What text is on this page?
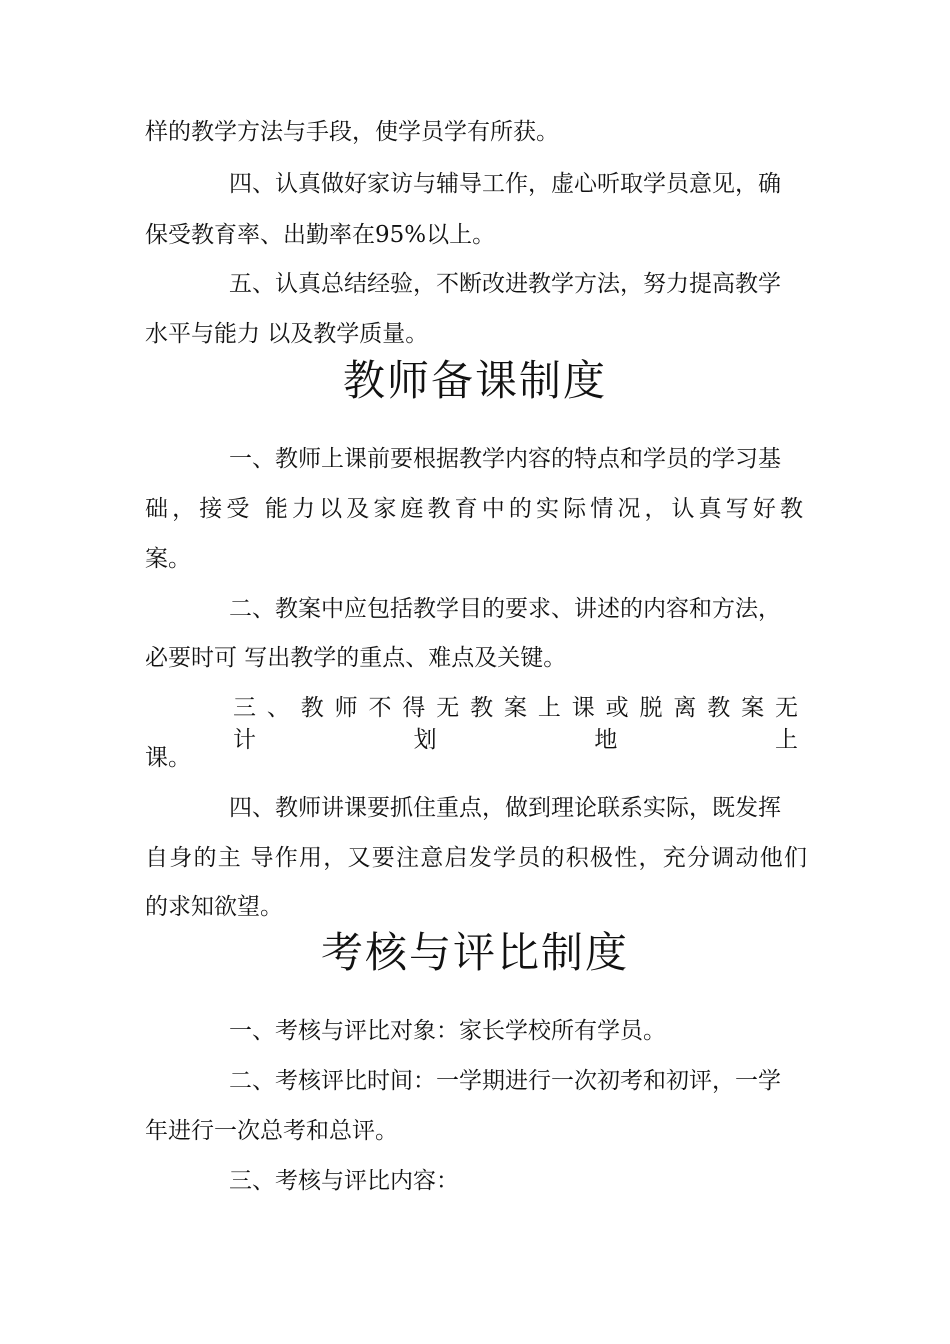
样的教学方法与手段，使学员学有所获。
四、认真做好家访与辅导工作，虚心听取学员意见，确
保受教育率、出勤率在95%以上。
五、认真总结经验，不断改进教学方法，努力提高教学
水平与能力 以及教学质量。
教师备课制度
一、教师上课前要根据教学内容的特点和学员的学习基
础，接受 能力以及家庭教育中的实际情况，认真写好教
案。
二、教案中应包括教学目的要求、讲述的内容和方法，
必要时可 写出教学的重点、难点及关键。
三、教师不得无教案上课或脱离教案无计划地上
课。
四、教师讲课要抓住重点，做到理论联系实际，既发挥
自身的主 导作用，又要注意启发学员的积极性，充分调动他们
的求知欲望。
考核与评比制度
一、考核与评比对象：家长学校所有学员。
二、考核评比时间：一学期进行一次初考和初评，一学
年进行一次总考和总评。
三、考核与评比内容：
